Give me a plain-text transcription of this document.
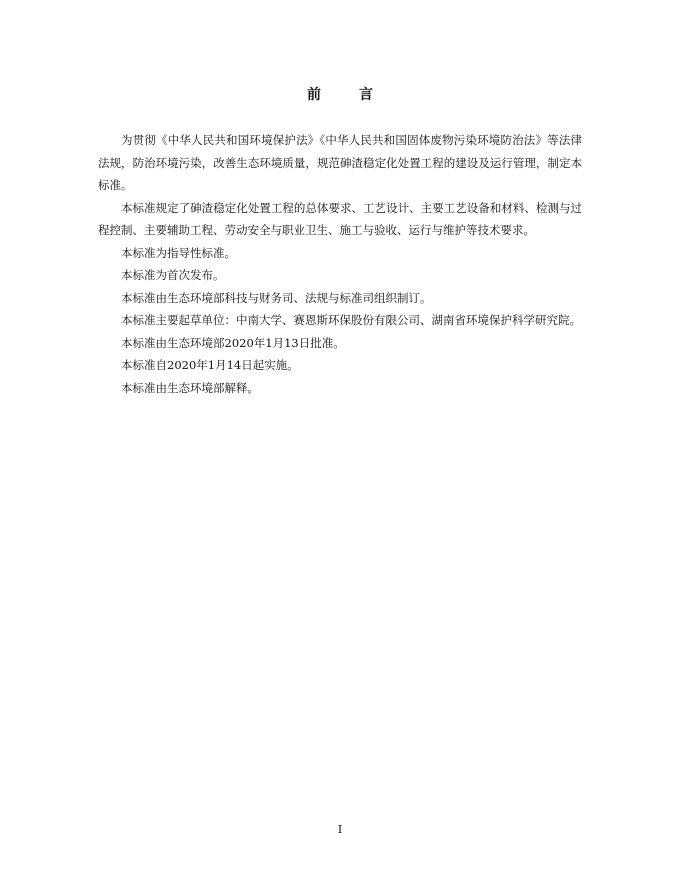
前　言

为贯彻《中华人民共和国环境保护法》《中华人民共和国固体废物污染环境防治法》等法律法规，防治环境污染，改善生态环境质量，规范砷渣稳定化处置工程的建设及运行管理，制定本标准。

本标准规定了砷渣稳定化处置工程的总体要求、工艺设计、主要工艺设备和材料、检测与过程控制、主要辅助工程、劳动安全与职业卫生、施工与验收、运行与维护等技术要求。

本标准为指导性标准。

本标准为首次发布。

本标准由生态环境部科技与财务司、法规与标准司组织制订。

本标准主要起草单位：中南大学、赛恩斯环保股份有限公司、湖南省环境保护科学研究院。

本标准由生态环境部2020年1月13日批准。

本标准自2020年1月14日起实施。

本标准由生态环境部解释。

I
